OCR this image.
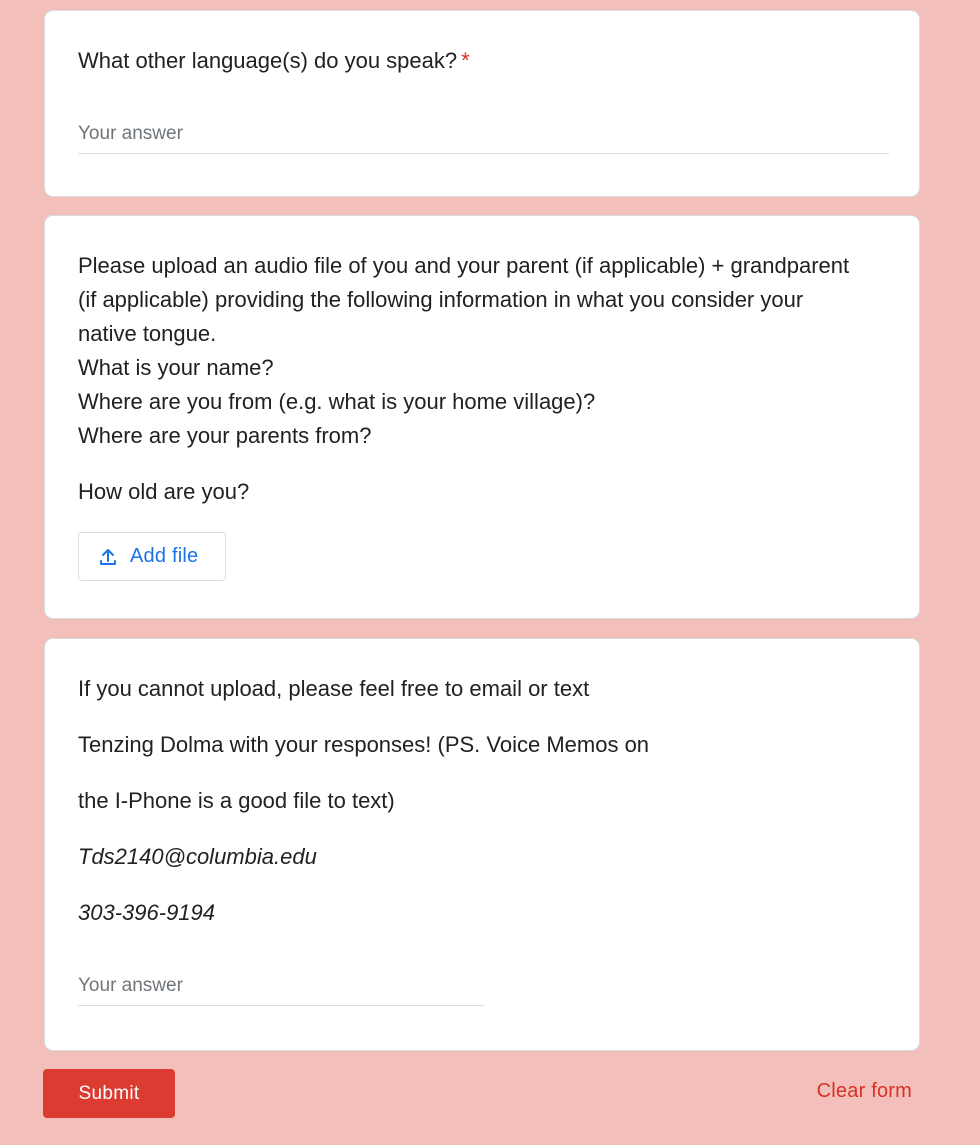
What other language(s) do you speak? *
Your answer
Please upload an audio file of you and your parent (if applicable) + grandparent
(if applicable) providing the following information in what you consider your
native tongue.
What is your name?
Where are you from (e.g. what is your home village)?
Where are your parents from?
How old are you?
Add file
If you cannot upload, please feel free to email or text
Tenzing Dolma with your responses! (PS. Voice Memos on
the I-Phone is a good file to text)
Tds2140@columbia.edu
303-396-9194
Your answer
Submit	Clear form
